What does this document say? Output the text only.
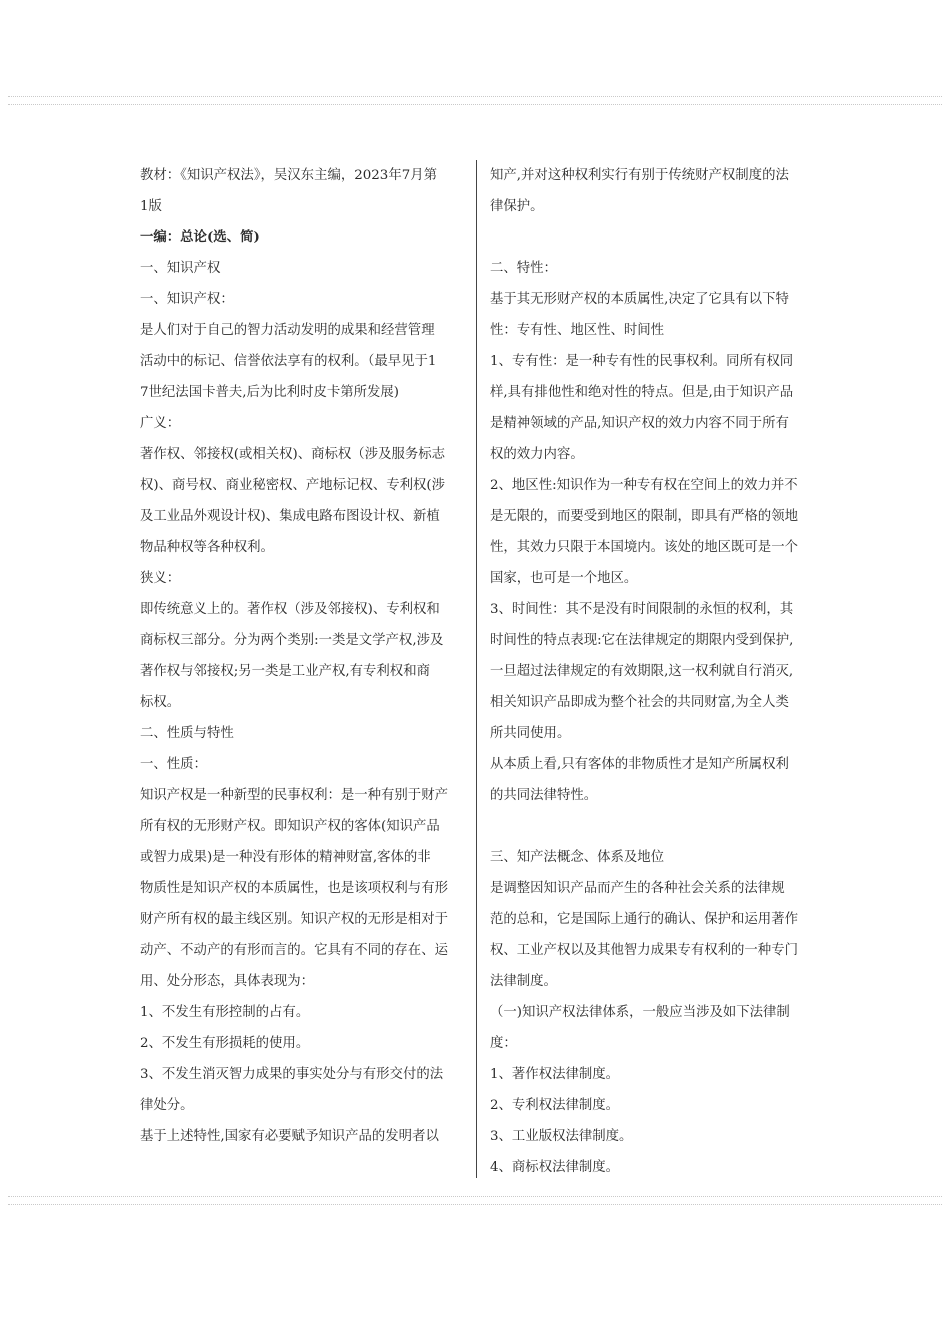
教材：《知识产权法》，吴汉东主编，2023年7月第
1版
一编：总论(选、简)
一、知识产权
一、知识产权：
是人们对于自己的智力活动发明的成果和经营管理
活动中的标记、信誉依法享有的权利。（最早见于1
7世纪法国卡普夫,后为比利时皮卡第所发展)
广义：
著作权、邻接权(或相关权)、商标权（涉及服务标志
权)、商号权、商业秘密权、产地标记权、专利权(涉
及工业品外观设计权)、集成电路布图设计权、新植
物品种权等各种权利。
狭义：
即传统意义上的。著作权（涉及邻接权)、专利权和
商标权三部分。分为两个类别:一类是文学产权,涉及
著作权与邻接权;另一类是工业产权,有专利权和商
标权。
二、性质与特性
一、性质：
知识产权是一种新型的民事权利：是一种有别于财产
所有权的无形财产权。即知识产权的客体(知识产品
或智力成果)是一种没有形体的精神财富,客体的非
物质性是知识产权的本质属性，也是该项权利与有形
财产所有权的最主线区别。知识产权的无形是相对于
动产、不动产的有形而言的。它具有不同的存在、运
用、处分形态，具体表现为：
1、不发生有形控制的占有。
2、不发生有形损耗的使用。
3、不发生消灭智力成果的事实处分与有形交付的法
律处分。
基于上述特性,国家有必要赋予知识产品的发明者以
知产,并对这种权利实行有别于传统财产权制度的法
律保护。
二、特性：
基于其无形财产权的本质属性,决定了它具有以下特
性：专有性、地区性、时间性
1、专有性：是一种专有性的民事权利。同所有权同
样,具有排他性和绝对性的特点。但是,由于知识产品
是精神领域的产品,知识产权的效力内容不同于所有
权的效力内容。
2、地区性:知识作为一种专有权在空间上的效力并不
是无限的，而要受到地区的限制，即具有严格的领地
性，其效力只限于本国境内。该处的地区既可是一个
国家，也可是一个地区。
3、时间性：其不是没有时间限制的永恒的权利，其
时间性的特点表现:它在法律规定的期限内受到保护,
一旦超过法律规定的有效期限,这一权利就自行消灭,
相关知识产品即成为整个社会的共同财富,为全人类
所共同使用。
从本质上看,只有客体的非物质性才是知产所属权利
的共同法律特性。
三、知产法概念、体系及地位
是调整因知识产品而产生的各种社会关系的法律规
范的总和，它是国际上通行的确认、保护和运用著作
权、工业产权以及其他智力成果专有权利的一种专门
法律制度。
（一)知识产权法律体系，一般应当涉及如下法律制
度：
1、著作权法律制度。
2、专利权法律制度。
3、工业版权法律制度。
4、商标权法律制度。
